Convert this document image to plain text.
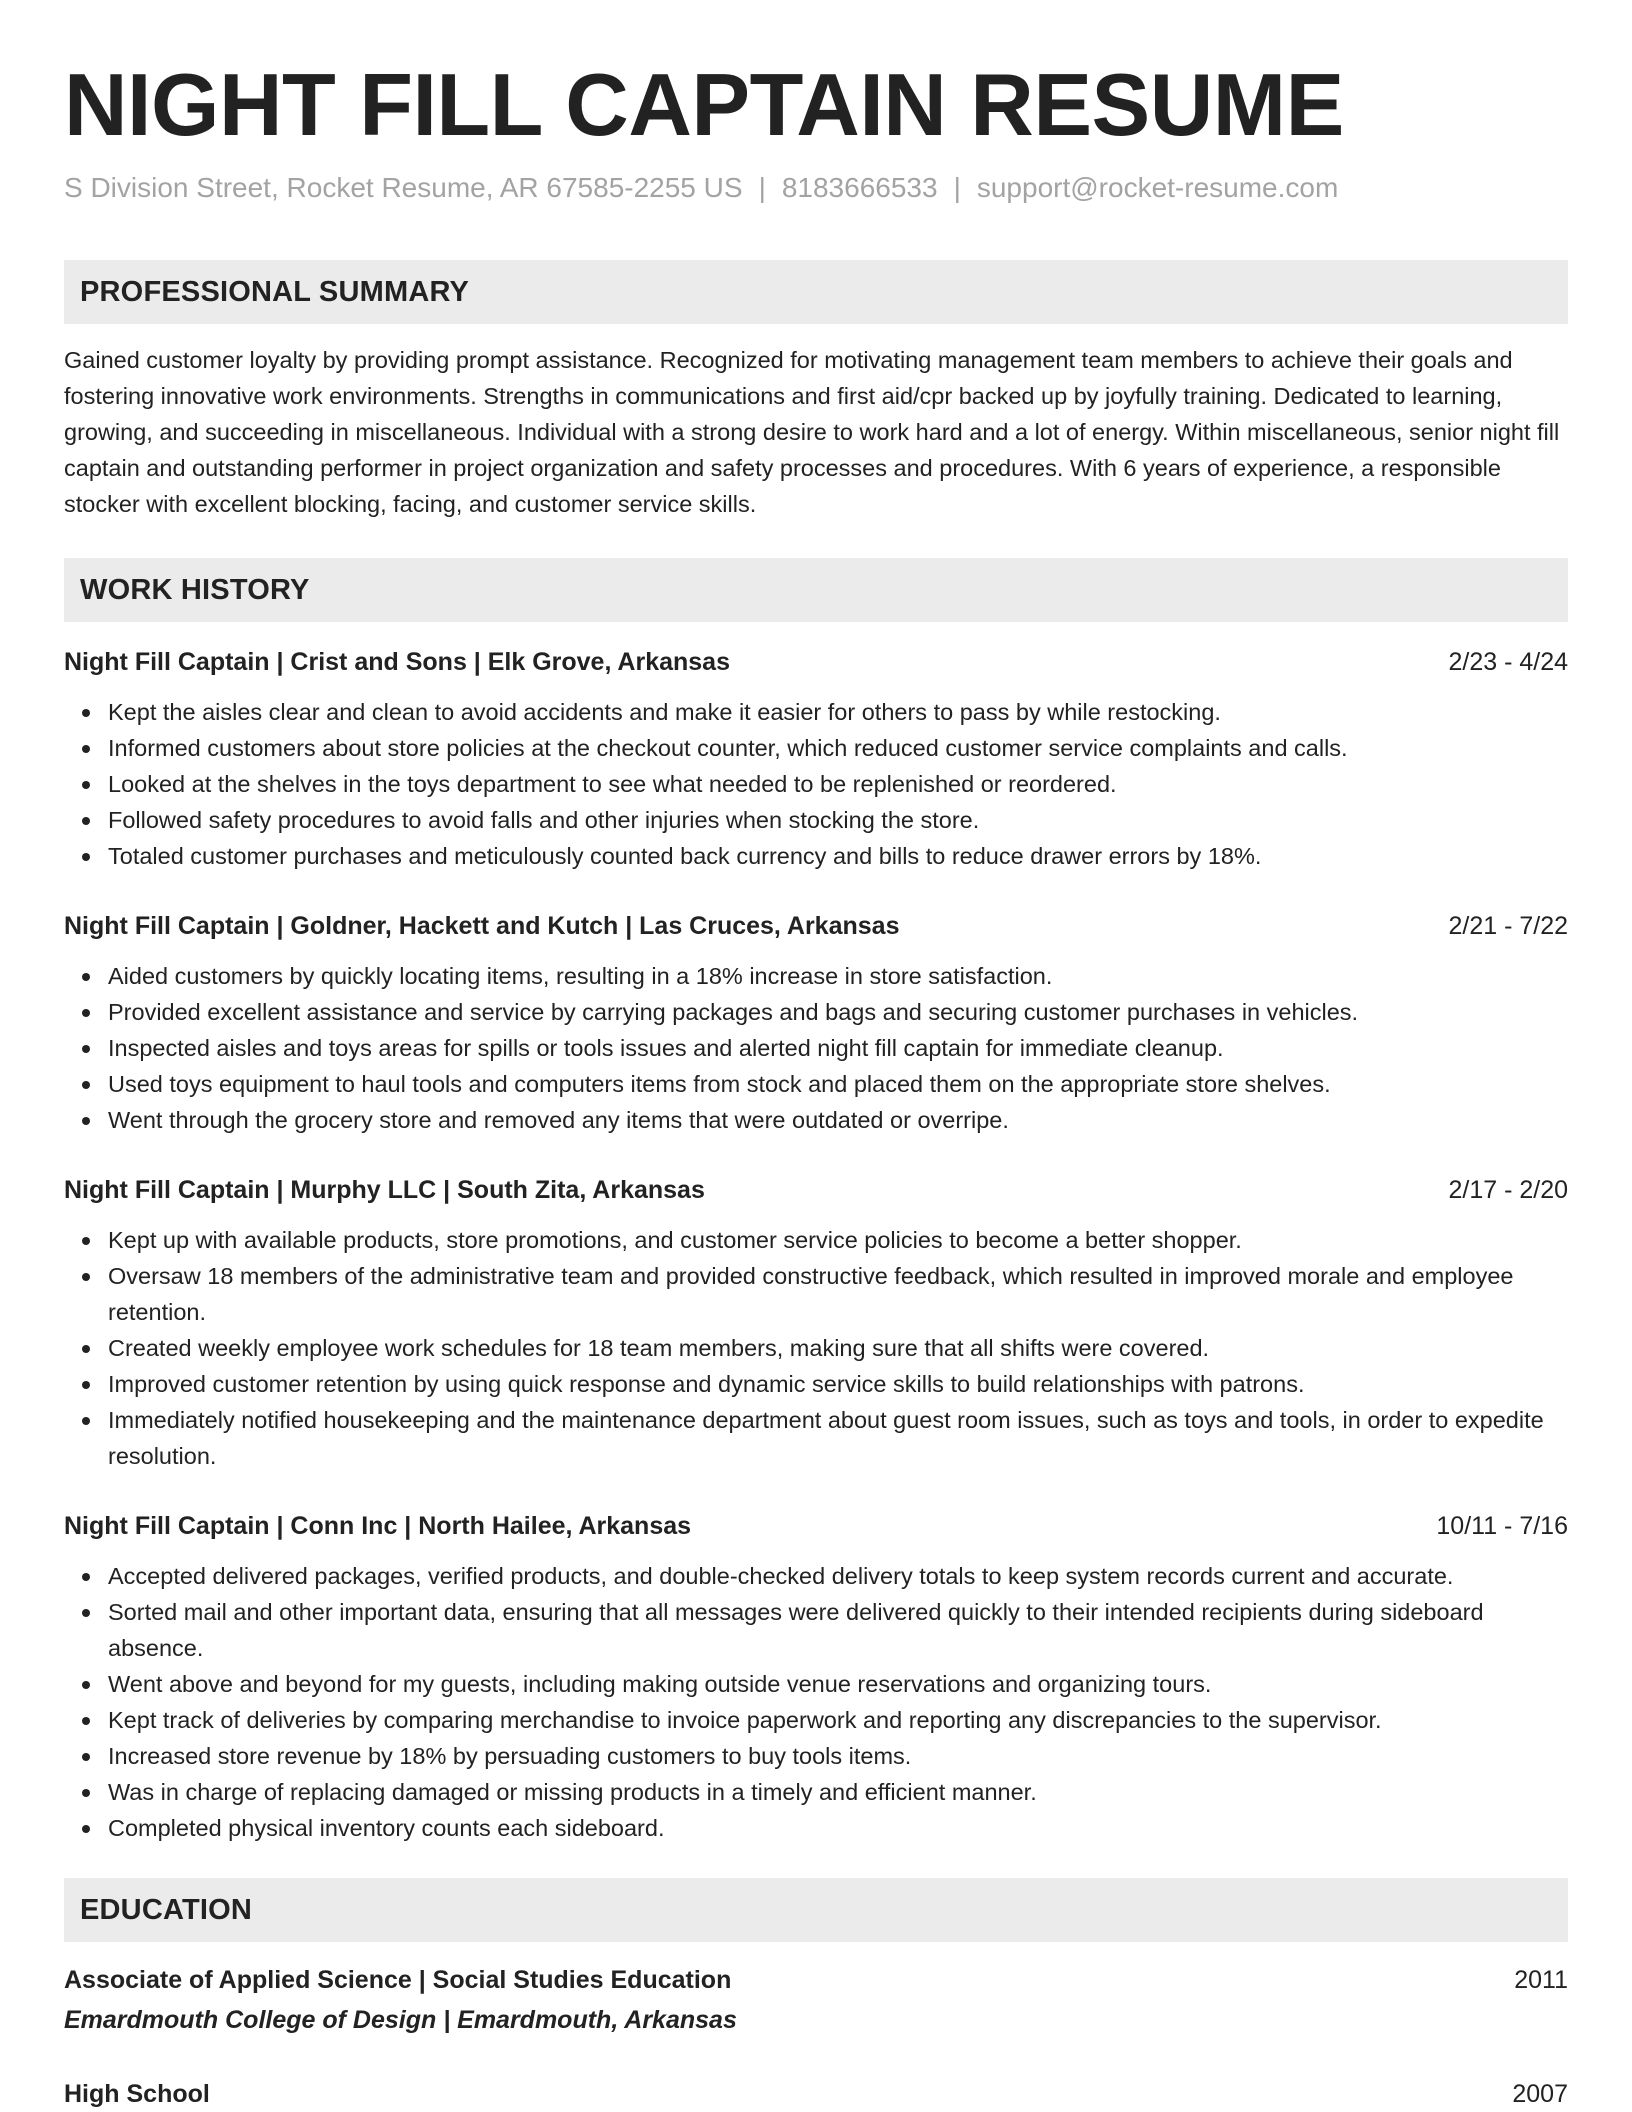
NIGHT FILL CAPTAIN RESUME
S Division Street, Rocket Resume, AR 67585-2255 US | 8183666533 | support@rocket-resume.com
PROFESSIONAL SUMMARY
Gained customer loyalty by providing prompt assistance. Recognized for motivating management team members to achieve their goals and fostering innovative work environments. Strengths in communications and first aid/cpr backed up by joyfully training. Dedicated to learning, growing, and succeeding in miscellaneous. Individual with a strong desire to work hard and a lot of energy. Within miscellaneous, senior night fill captain and outstanding performer in project organization and safety processes and procedures. With 6 years of experience, a responsible stocker with excellent blocking, facing, and customer service skills.
WORK HISTORY
Night Fill Captain | Crist and Sons | Elk Grove, Arkansas	2/23 - 4/24
Kept the aisles clear and clean to avoid accidents and make it easier for others to pass by while restocking.
Informed customers about store policies at the checkout counter, which reduced customer service complaints and calls.
Looked at the shelves in the toys department to see what needed to be replenished or reordered.
Followed safety procedures to avoid falls and other injuries when stocking the store.
Totaled customer purchases and meticulously counted back currency and bills to reduce drawer errors by 18%.
Night Fill Captain | Goldner, Hackett and Kutch | Las Cruces, Arkansas	2/21 - 7/22
Aided customers by quickly locating items, resulting in a 18% increase in store satisfaction.
Provided excellent assistance and service by carrying packages and bags and securing customer purchases in vehicles.
Inspected aisles and toys areas for spills or tools issues and alerted night fill captain for immediate cleanup.
Used toys equipment to haul tools and computers items from stock and placed them on the appropriate store shelves.
Went through the grocery store and removed any items that were outdated or overripe.
Night Fill Captain | Murphy LLC | South Zita, Arkansas	2/17 - 2/20
Kept up with available products, store promotions, and customer service policies to become a better shopper.
Oversaw 18 members of the administrative team and provided constructive feedback, which resulted in improved morale and employee retention.
Created weekly employee work schedules for 18 team members, making sure that all shifts were covered.
Improved customer retention by using quick response and dynamic service skills to build relationships with patrons.
Immediately notified housekeeping and the maintenance department about guest room issues, such as toys and tools, in order to expedite resolution.
Night Fill Captain | Conn Inc | North Hailee, Arkansas	10/11 - 7/16
Accepted delivered packages, verified products, and double-checked delivery totals to keep system records current and accurate.
Sorted mail and other important data, ensuring that all messages were delivered quickly to their intended recipients during sideboard absence.
Went above and beyond for my guests, including making outside venue reservations and organizing tours.
Kept track of deliveries by comparing merchandise to invoice paperwork and reporting any discrepancies to the supervisor.
Increased store revenue by 18% by persuading customers to buy tools items.
Was in charge of replacing damaged or missing products in a timely and efficient manner.
Completed physical inventory counts each sideboard.
EDUCATION
Associate of Applied Science | Social Studies Education	2011
Emardmouth College of Design | Emardmouth, Arkansas
High School	2007
